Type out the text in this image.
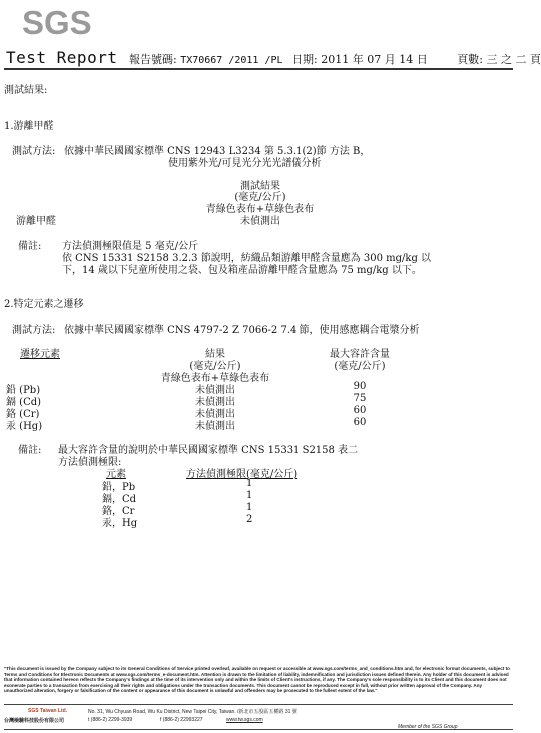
SGS
Test Report 報告號碼: TX70667 /2011 /PL 日期: 2011 年 07 月 14 日	頁數: 三 之 二 頁
測試結果:
1.游離甲醛
測試方法: 依據中華民國國家標準 CNS 12943 L3234 第 5.3.1(2)節 方法 B，
使用紫外光/可見光分光光譜儀分析
測試結果
(毫克/公斤)
青綠色表布+草綠色表布
游離甲醛	未偵測出
備註: 方法偵測極限值是 5 毫克/公斤
依 CNS 15331 S2158 3.2.3 節說明，紡織品類游離甲醛含量應為 300 mg/kg 以
下，14 歲以下兒童所使用之袋、包及箱產品游離甲醛含量應為 75 mg/kg 以下。
2.特定元素之遷移
測試方法: 依據中華民國國家標準 CNS 4797-2 Z 7066-2 7.4 節，使用感應耦合電漿分析
遷移元素	結果
(毫克/公斤)
青綠色表布+草綠色表布
最大容許含量
(毫克/公斤)
鉛 (Pb)	未偵測出	90
鎘 (Cd)	未偵測出	75
鉻 (Cr)	未偵測出	60
汞 (Hg)	未偵測出	60
備註: 最大容許含量的說明於中華民國國家標準 CNS 15331 S2158 表二
方法偵測極限:
元素	方法偵測極限(毫克/公斤)
鉛，Pb	1
鎘，Cd	1
鉻，Cr	1
汞，Hg	2
"This document is issued by the Company subject to its General Conditions of Service printed overleaf, available on request or accessible at www.sgs.com/terms_and_conditions.htm and, for electronic format documents, subject to Terms and Conditions for Electronic Documents at www.sgs.com/terms_e-document.htm. Attention is drawn to the limitation of liability, indemnification and jurisdiction issues defined therein. Any holder of this document is advised that information contained hereon reflects the Company's findings at the time of its intervention only and within the limits of Client's instructions, if any. The Company's sole responsibility is to its Client and this document does not exonerate parties to a transaction from exercising all their rights and obligations under the transaction documents. This document cannot be reproduced except in full, without prior written approval of the Company. Any unauthorized alteration, forgery or falsification of the content or appearance of this document is unlawful and offenders may be prosecuted to the fullest extent of the law."
SGS Taiwan Ltd.
台灣檢驗科技股份有限公司
No. 31, Wu Chyuan Road, Wu Ku District, New Taipei City, Taiwan. /新北市五股區五權路 31 號
t (886-2) 2299-3939	f (886-2) 22993227	www.tw.sgs.com
Member of the SGS Group
